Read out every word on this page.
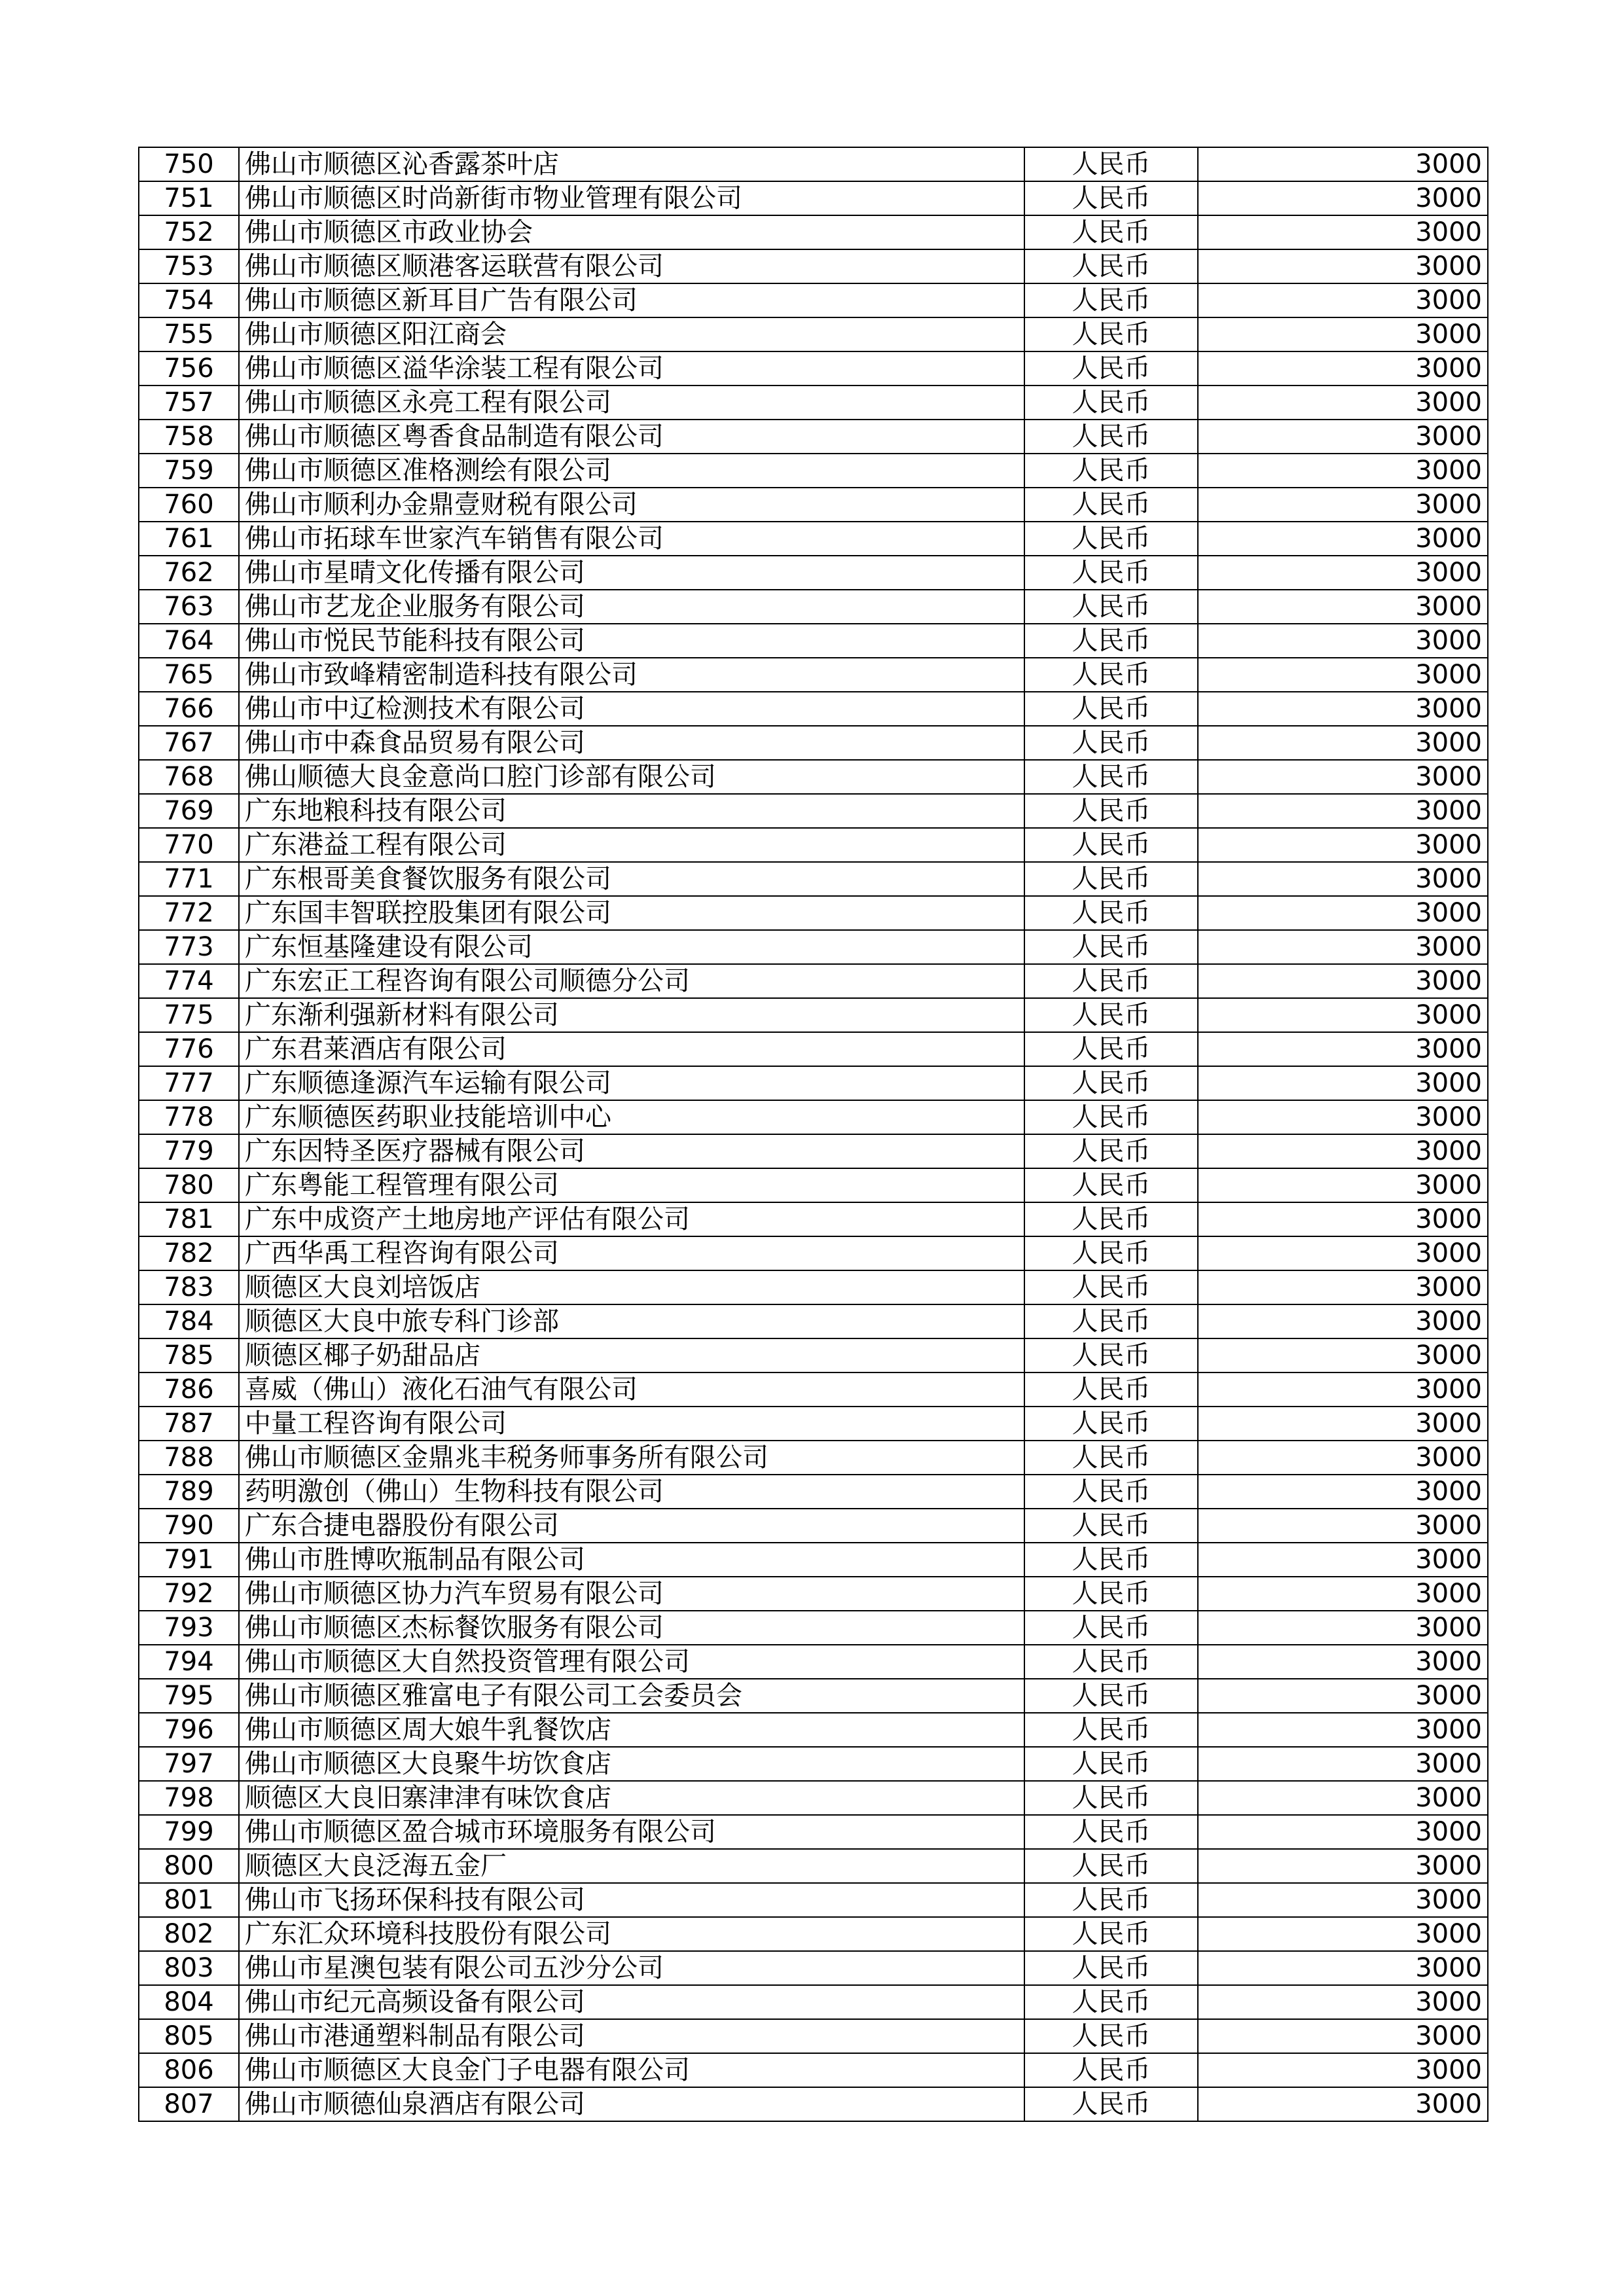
750	佛山市顺德区沁香露茶叶店	人民币	3000
751	佛山市顺德区时尚新街市物业管理有限公司	人民币	3000
752	佛山市顺德区市政业协会	人民币	3000
753	佛山市顺德区顺港客运联营有限公司	人民币	3000
754	佛山市顺德区新耳目广告有限公司	人民币	3000
755	佛山市顺德区阳江商会	人民币	3000
756	佛山市顺德区溢华涂装工程有限公司	人民币	3000
757	佛山市顺德区永亮工程有限公司	人民币	3000
758	佛山市顺德区粤香食品制造有限公司	人民币	3000
759	佛山市顺德区准格测绘有限公司	人民币	3000
760	佛山市顺利办金鼎壹财税有限公司	人民币	3000
761	佛山市拓球车世家汽车销售有限公司	人民币	3000
762	佛山市星晴文化传播有限公司	人民币	3000
763	佛山市艺龙企业服务有限公司	人民币	3000
764	佛山市悦民节能科技有限公司	人民币	3000
765	佛山市致峰精密制造科技有限公司	人民币	3000
766	佛山市中辽检测技术有限公司	人民币	3000
767	佛山市中森食品贸易有限公司	人民币	3000
768	佛山顺德大良金意尚口腔门诊部有限公司	人民币	3000
769	广东地粮科技有限公司	人民币	3000
770	广东港益工程有限公司	人民币	3000
771	广东根哥美食餐饮服务有限公司	人民币	3000
772	广东国丰智联控股集团有限公司	人民币	3000
773	广东恒基隆建设有限公司	人民币	3000
774	广东宏正工程咨询有限公司顺德分公司	人民币	3000
775	广东渐利强新材料有限公司	人民币	3000
776	广东君莱酒店有限公司	人民币	3000
777	广东顺德逢源汽车运输有限公司	人民币	3000
778	广东顺德医药职业技能培训中心	人民币	3000
779	广东因特圣医疗器械有限公司	人民币	3000
780	广东粤能工程管理有限公司	人民币	3000
781	广东中成资产土地房地产评估有限公司	人民币	3000
782	广西华禹工程咨询有限公司	人民币	3000
783	顺德区大良刘培饭店	人民币	3000
784	顺德区大良中旅专科门诊部	人民币	3000
785	顺德区椰子奶甜品店	人民币	3000
786	喜威（佛山）液化石油气有限公司	人民币	3000
787	中量工程咨询有限公司	人民币	3000
788	佛山市顺德区金鼎兆丰税务师事务所有限公司	人民币	3000
789	药明激创（佛山）生物科技有限公司	人民币	3000
790	广东合捷电器股份有限公司	人民币	3000
791	佛山市胜博吹瓶制品有限公司	人民币	3000
792	佛山市顺德区协力汽车贸易有限公司	人民币	3000
793	佛山市顺德区杰标餐饮服务有限公司	人民币	3000
794	佛山市顺德区大自然投资管理有限公司	人民币	3000
795	佛山市顺德区雅富电子有限公司工会委员会	人民币	3000
796	佛山市顺德区周大娘牛乳餐饮店	人民币	3000
797	佛山市顺德区大良聚牛坊饮食店	人民币	3000
798	顺德区大良旧寨津津有味饮食店	人民币	3000
799	佛山市顺德区盈合城市环境服务有限公司	人民币	3000
800	顺德区大良泛海五金厂	人民币	3000
801	佛山市飞扬环保科技有限公司	人民币	3000
802	广东汇众环境科技股份有限公司	人民币	3000
803	佛山市星澳包装有限公司五沙分公司	人民币	3000
804	佛山市纪元高频设备有限公司	人民币	3000
805	佛山市港通塑料制品有限公司	人民币	3000
806	佛山市顺德区大良金门子电器有限公司	人民币	3000
807	佛山市顺德仙泉酒店有限公司	人民币	3000
